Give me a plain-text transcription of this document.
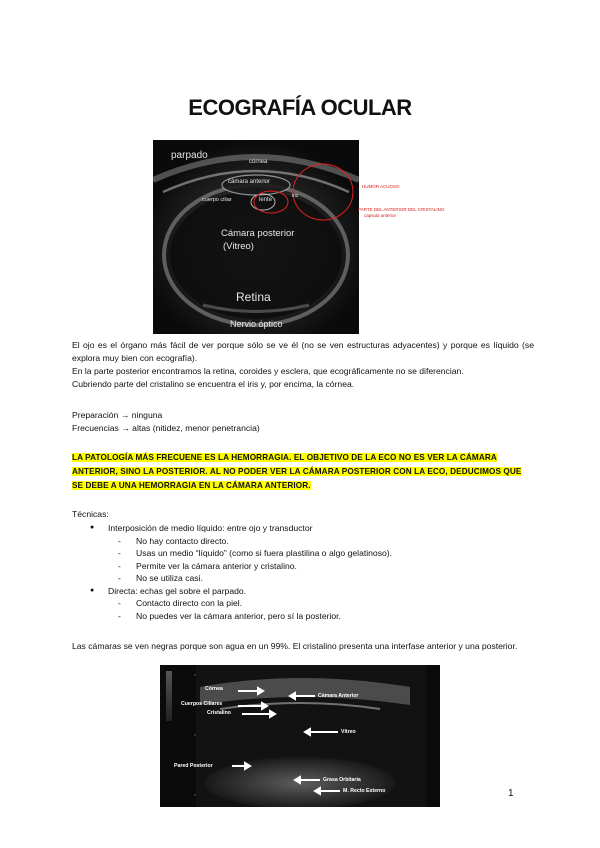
ECOGRAFÍA OCULAR
parpado
córnea
cámara anterior
cuerpo ciliar	lente
iris
Cámara posterior
(Vitreo)
Retina
Nervio óptico
HUMOR ACUOSO
PARTE DEL ANTERIOR DEL CRISTALINO
capsula anterior

El ojo es el órgano más fácil de ver porque sólo se ve él (no se ven estructuras adyacentes) y porque es líquido (se explora muy bien con ecografía).

En la parte posterior encontramos la retina, coroides y esclera, que ecográficamente no se diferencian.

Cubriendo parte del cristalino se encuentra el iris y, por encima, la córnea.

Preparación → ninguna

Frecuencias → altas (nitidez, menor penetrancia)

LA PATOLOGÍA MÁS FRECUENE ES LA HEMORRAGIA. EL OBJETIVO DE LA ECO NO ES VER LA CÁMARA ANTERIOR, SINO LA POSTERIOR. AL NO PODER VER LA CÁMARA POSTERIOR CON LA ECO, DEDUCIMOS QUE SE DEBE A UNA HEMORRAGIA EN LA CÁMARA ANTERIOR.

Técnicas:

● Interposición de medio líquido: entre ojo y transductor
- No hay contacto directo.
- Usas un medio “líquido” (como si fuera plastilina o algo gelatinoso).
- Permite ver la cámara anterior y cristalino.
- No se utiliza casi.
● Directa: echas gel sobre el parpado.
- Contacto directo con la piel.
- No puedes ver la cámara anterior, pero sí la posterior.

Las cámaras se ven negras porque son agua en un 99%. El cristalino presenta una interfase anterior y una posterior.

Córnea
Cámara Anterior
Cuerpos Ciliares
Cristalino
Vítreo
Pared Posterior
Grasa Orbitaria
M. Recto Externo	1
